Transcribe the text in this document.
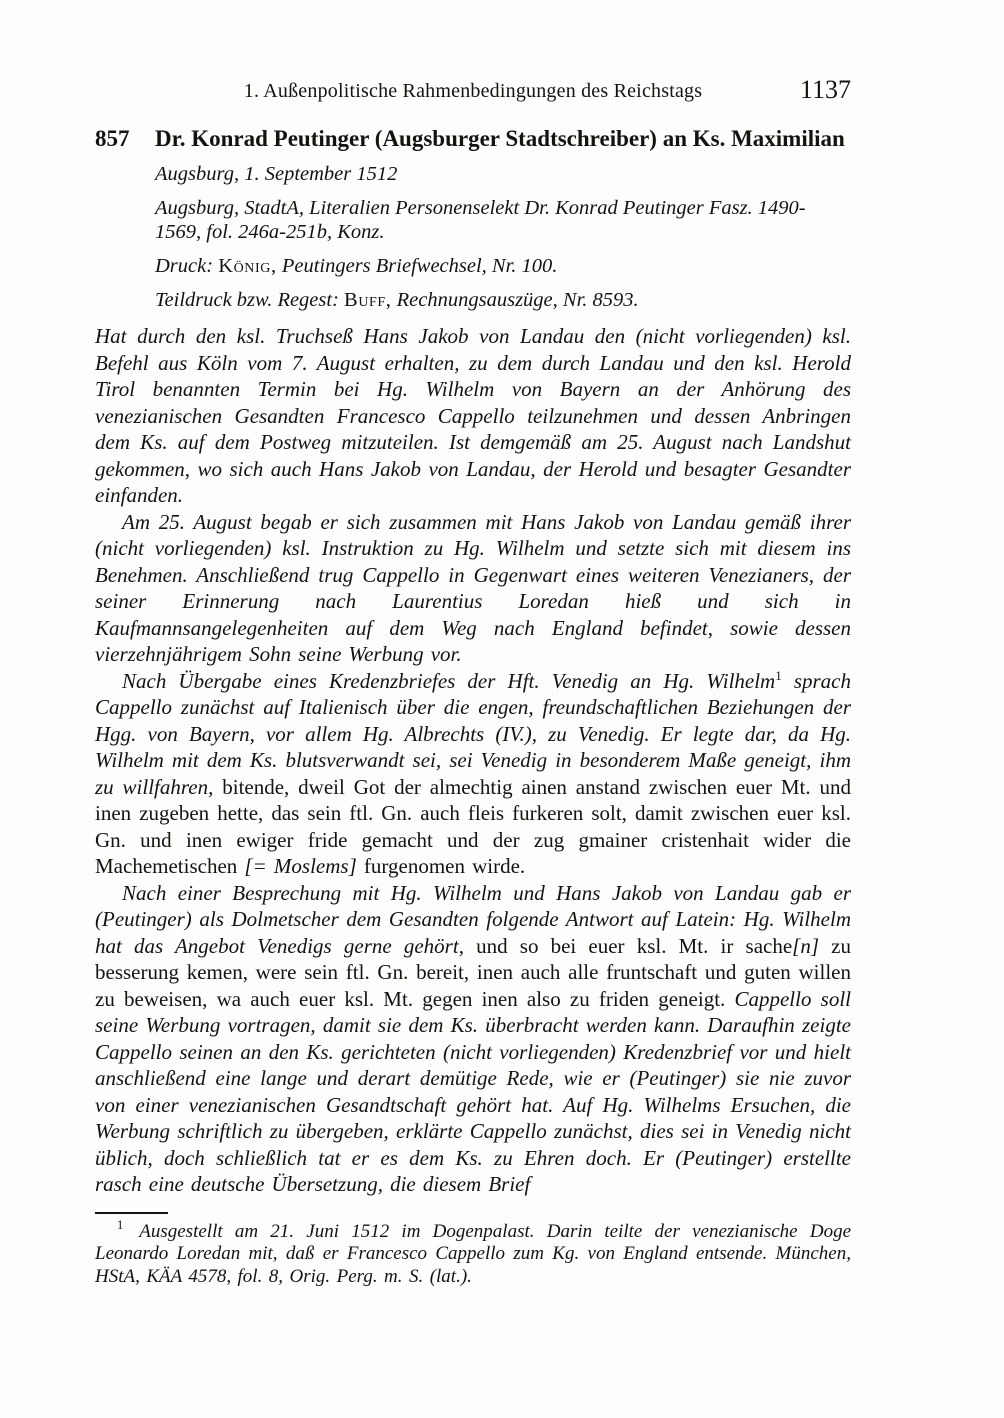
1. Außenpolitische Rahmenbedingungen des Reichstags	1137
857 Dr. Konrad Peutinger (Augsburger Stadtschreiber) an Ks. Maximilian
Augsburg, 1. September 1512
Augsburg, StadtA, Literalien Personenselekt Dr. Konrad Peutinger Fasz. 1490-1569, fol. 246a-251b, Konz.
Druck: König, Peutingers Briefwechsel, Nr. 100.
Teildruck bzw. Regest: Buff, Rechnungsauszüge, Nr. 8593.

Hat durch den ksl. Truchseß Hans Jakob von Landau den (nicht vorliegenden) ksl. Befehl aus Köln vom 7. August erhalten, zu dem durch Landau und den ksl. Herold Tirol benannten Termin bei Hg. Wilhelm von Bayern an der Anhörung des venezianischen Gesandten Francesco Cappello teilzunehmen und dessen Anbringen dem Ks. auf dem Postweg mitzuteilen. Ist demgemäß am 25. August nach Landshut gekommen, wo sich auch Hans Jakob von Landau, der Herold und besagter Gesandter einfanden.

Am 25. August begab er sich zusammen mit Hans Jakob von Landau gemäß ihrer (nicht vorliegenden) ksl. Instruktion zu Hg. Wilhelm und setzte sich mit diesem ins Benehmen. Anschließend trug Cappello in Gegenwart eines weiteren Venezianers, der seiner Erinnerung nach Laurentius Loredan hieß und sich in Kaufmannsangelegenheiten auf dem Weg nach England befindet, sowie dessen vierzehnjährigem Sohn seine Werbung vor.

Nach Übergabe eines Kredenzbriefes der Hft. Venedig an Hg. Wilhelm$^1$ sprach Cappello zunächst auf Italienisch über die engen, freundschaftlichen Beziehungen der Hgg. von Bayern, vor allem Hg. Albrechts (IV.), zu Venedig. Er legte dar, da Hg. Wilhelm mit dem Ks. blutsverwandt sei, sei Venedig in besonderem Maße geneigt, ihm zu willfahren, bitende, dweil Got der almechtig ainen anstand zwischen euer Mt. und inen zugeben hette, das sein ftl. Gn. auch fleis furkeren solt, damit zwischen euer ksl. Gn. und inen ewiger fride gemacht und der zug gmainer cristenhait wider die Machemetischen [= Moslems] furgenomen wirde.

Nach einer Besprechung mit Hg. Wilhelm und Hans Jakob von Landau gab er (Peutinger) als Dolmetscher dem Gesandten folgende Antwort auf Latein: Hg. Wilhelm hat das Angebot Venedigs gerne gehört, und so bei euer ksl. Mt. ir sache[n] zu besserung kemen, were sein ftl. Gn. bereit, inen auch alle fruntschaft und guten willen zu beweisen, wa auch euer ksl. Mt. gegen inen also zu friden geneigt. Cappello soll seine Werbung vortragen, damit sie dem Ks. überbracht werden kann. Daraufhin zeigte Cappello seinen an den Ks. gerichteten (nicht vorliegenden) Kredenzbrief vor und hielt anschließend eine lange und derart demütige Rede, wie er (Peutinger) sie nie zuvor von einer venezianischen Gesandtschaft gehört hat. Auf Hg. Wilhelms Ersuchen, die Werbung schriftlich zu übergeben, erklärte Cappello zunächst, dies sei in Venedig nicht üblich, doch schließlich tat er es dem Ks. zu Ehren doch. Er (Peutinger) erstellte rasch eine deutsche Übersetzung, die diesem Brief

$^1$ Ausgestellt am 21. Juni 1512 im Dogenpalast. Darin teilte der venezianische Doge Leonardo Loredan mit, daß er Francesco Cappello zum Kg. von England entsende. München, HStA, KÄA 4578, fol. 8, Orig. Perg. m. S. (lat.).
